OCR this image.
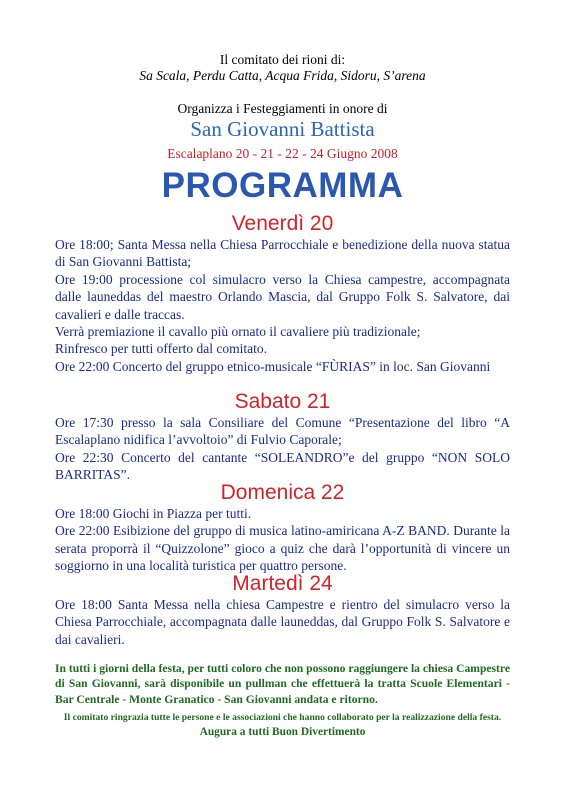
Il comitato dei rioni di:
Sa Scala, Perdu Catta, Acqua Frida, Sidoru, S’arena
Organizza i Festeggiamenti in onore di
San Giovanni Battista
Escalaplano 20 - 21 - 22 - 24 Giugno 2008
PROGRAMMA
Venerdì 20
Ore 18:00; Santa Messa nella Chiesa Parrocchiale e benedizione della nuova statua di San Giovanni Battista;
Ore 19:00 processione col simulacro verso la Chiesa campestre, accompagnata dalle launeddas del maestro Orlando Mascia, dal Gruppo Folk S. Salvatore, dai cavalieri e dalle traccas.
Verrà premiazione il cavallo più ornato il cavaliere più tradizionale;
Rinfresco per tutti offerto dal comitato.
Ore 22:00 Concerto del gruppo etnico-musicale “FÙRIAS” in loc. San Giovanni
Sabato 21
Ore 17:30 presso la sala Consiliare del Comune “Presentazione del libro “A Escalaplano nidifica l’avvoltoio” di Fulvio Caporale;
Ore 22:30 Concerto del cantante “SOLEANDRO”e del gruppo “NON SOLO BARRITAS”.
Domenica 22
Ore 18:00 Giochi in Piazza per tutti.
Ore 22:00 Esibizione del gruppo di musica latino-amiricana A-Z BAND. Durante la serata proporrà il “Quizzolone” gioco a quiz che darà l’opportunità di vincere un soggiorno in una località turistica per quattro persone.
Martedì 24
Ore 18:00 Santa Messa nella chiesa Campestre e rientro del simulacro verso la Chiesa Parrocchiale, accompagnata dalle launeddas, dal Gruppo Folk S. Salvatore e dai cavalieri.
In tutti i giorni della festa, per tutti coloro che non possono raggiungere la chiesa Campestre di San Giovanni, sarà disponibile un pullman che effettuerà la tratta Scuole Elementari - Bar Centrale - Monte Granatico - San Giovanni andata e ritorno.
Il comitato ringrazia tutte le persone e le associazioni che hanno collaborato per la realizzazione della festa.
Augura a tutti Buon Divertimento
